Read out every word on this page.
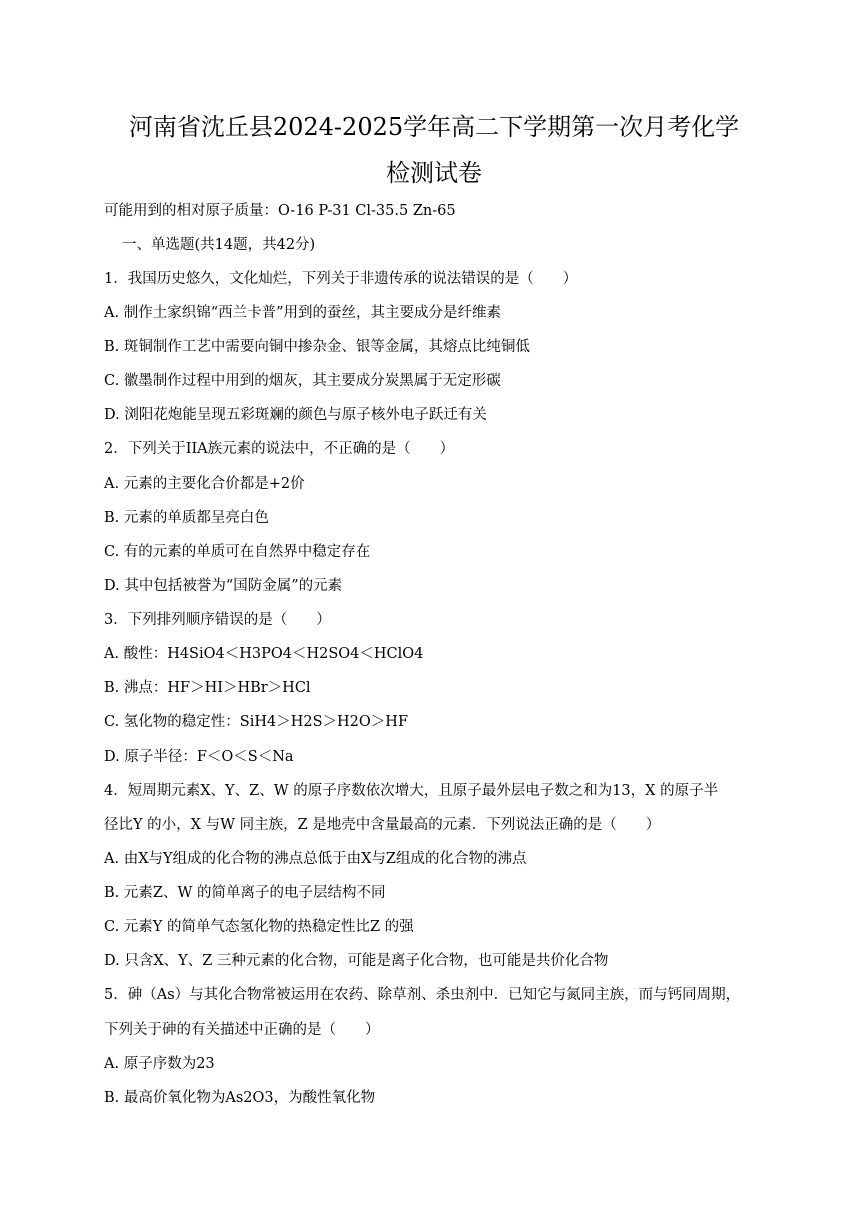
河南省沈丘县2024-2025学年高二下学期第一次月考化学
检测试卷
可能用到的相对原子质量：O-16 P-31 Cl-35.5 Zn-65
一、单选题(共14题，共42分)
1．我国历史悠久，文化灿烂，下列关于非遗传承的说法错误的是（　　）
A. 制作土家织锦“西兰卡普”用到的蚕丝，其主要成分是纤维素
B. 斑铜制作工艺中需要向铜中掺杂金、银等金属，其熔点比纯铜低
C. 徽墨制作过程中用到的烟灰，其主要成分炭黑属于无定形碳
D. 浏阳花炮能呈现五彩斑斓的颜色与原子核外电子跃迁有关
2．下列关于IIA族元素的说法中，不正确的是（　　）
A. 元素的主要化合价都是+2价
B. 元素的单质都呈亮白色
C. 有的元素的单质可在自然界中稳定存在
D. 其中包括被誉为“国防金属”的元素
3．下列排列顺序错误的是（　　）
A. 酸性：H4SiO4＜H3PO4＜H2SO4＜HClO4
B. 沸点：HF＞HI＞HBr＞HCl
C. 氢化物的稳定性：SiH4＞H2S＞H2O＞HF
D. 原子半径：F＜O＜S＜Na
4．短周期元素X、Y、Z、W 的原子序数依次增大，且原子最外层电子数之和为13，X 的原子半
径比Y 的小，X 与W 同主族，Z 是地壳中含量最高的元素．下列说法正确的是（　　）
A. 由X与Y组成的化合物的沸点总低于由X与Z组成的化合物的沸点
B. 元素Z、W 的简单离子的电子层结构不同
C. 元素Y 的简单气态氢化物的热稳定性比Z 的强
D. 只含X、Y、Z 三种元素的化合物，可能是离子化合物，也可能是共价化合物
5．砷（As）与其化合物常被运用在农药、除草剂、杀虫剂中．已知它与氮同主族，而与钙同周期，
下列关于砷的有关描述中正确的是（　　）
A. 原子序数为23
B. 最高价氧化物为As2O3，为酸性氧化物
